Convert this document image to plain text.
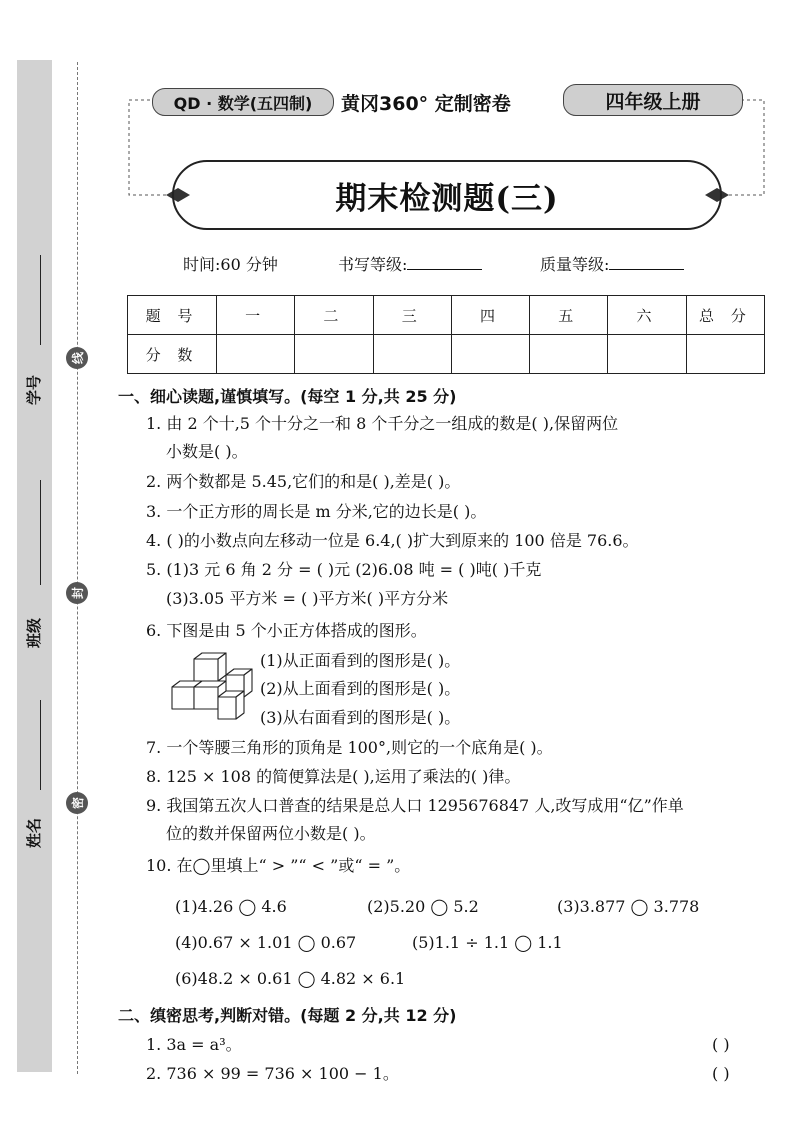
学号
班级
姓名
线
封
密
QD · 数学(五四制)	黄冈360° 定制密卷	四年级上册
期末检测题(三)
时间:60 分钟	书写等级:	质量等级:
题 号	一	二	三	四	五	六	总 分
分 数							
一、细心读题,谨慎填写。(每空 1 分,共 25 分)
1. 由 2 个十,5 个十分之一和 8 个千分之一组成的数是( ),保留两位
小数是( )。
2. 两个数都是 5.45,它们的和是( ),差是( )。
3. 一个正方形的周长是 m 分米,它的边长是( )。
4. ( )的小数点向左移动一位是 6.4,( )扩大到原来的 100 倍是 76.6。
5. (1)3 元 6 角 2 分 = ( )元 (2)6.08 吨 = ( )吨( )千克
(3)3.05 平方米 = ( )平方米( )平方分米
6. 下图是由 5 个小正方体搭成的图形。
(1)从正面看到的图形是( )。
(2)从上面看到的图形是( )。
(3)从右面看到的图形是( )。
7. 一个等腰三角形的顶角是 100°,则它的一个底角是( )。
8. 125 × 108 的简便算法是( ),运用了乘法的( )律。
9. 我国第五次人口普查的结果是总人口 1295676847 人,改写成用“亿”作单
位的数并保留两位小数是( )。
10. 在◯里填上“ > ”“ < ”或“ = ”。
(1)4.26 ◯ 4.6	(2)5.20 ◯ 5.2	(3)3.877 ◯ 3.778
(4)0.67 × 1.01 ◯ 0.67	(5)1.1 ÷ 1.1 ◯ 1.1
(6)48.2 × 0.61 ◯ 4.82 × 6.1
二、缜密思考,判断对错。(每题 2 分,共 12 分)
1. 3a = a³。	( )
2. 736 × 99 = 736 × 100 − 1。	( )
